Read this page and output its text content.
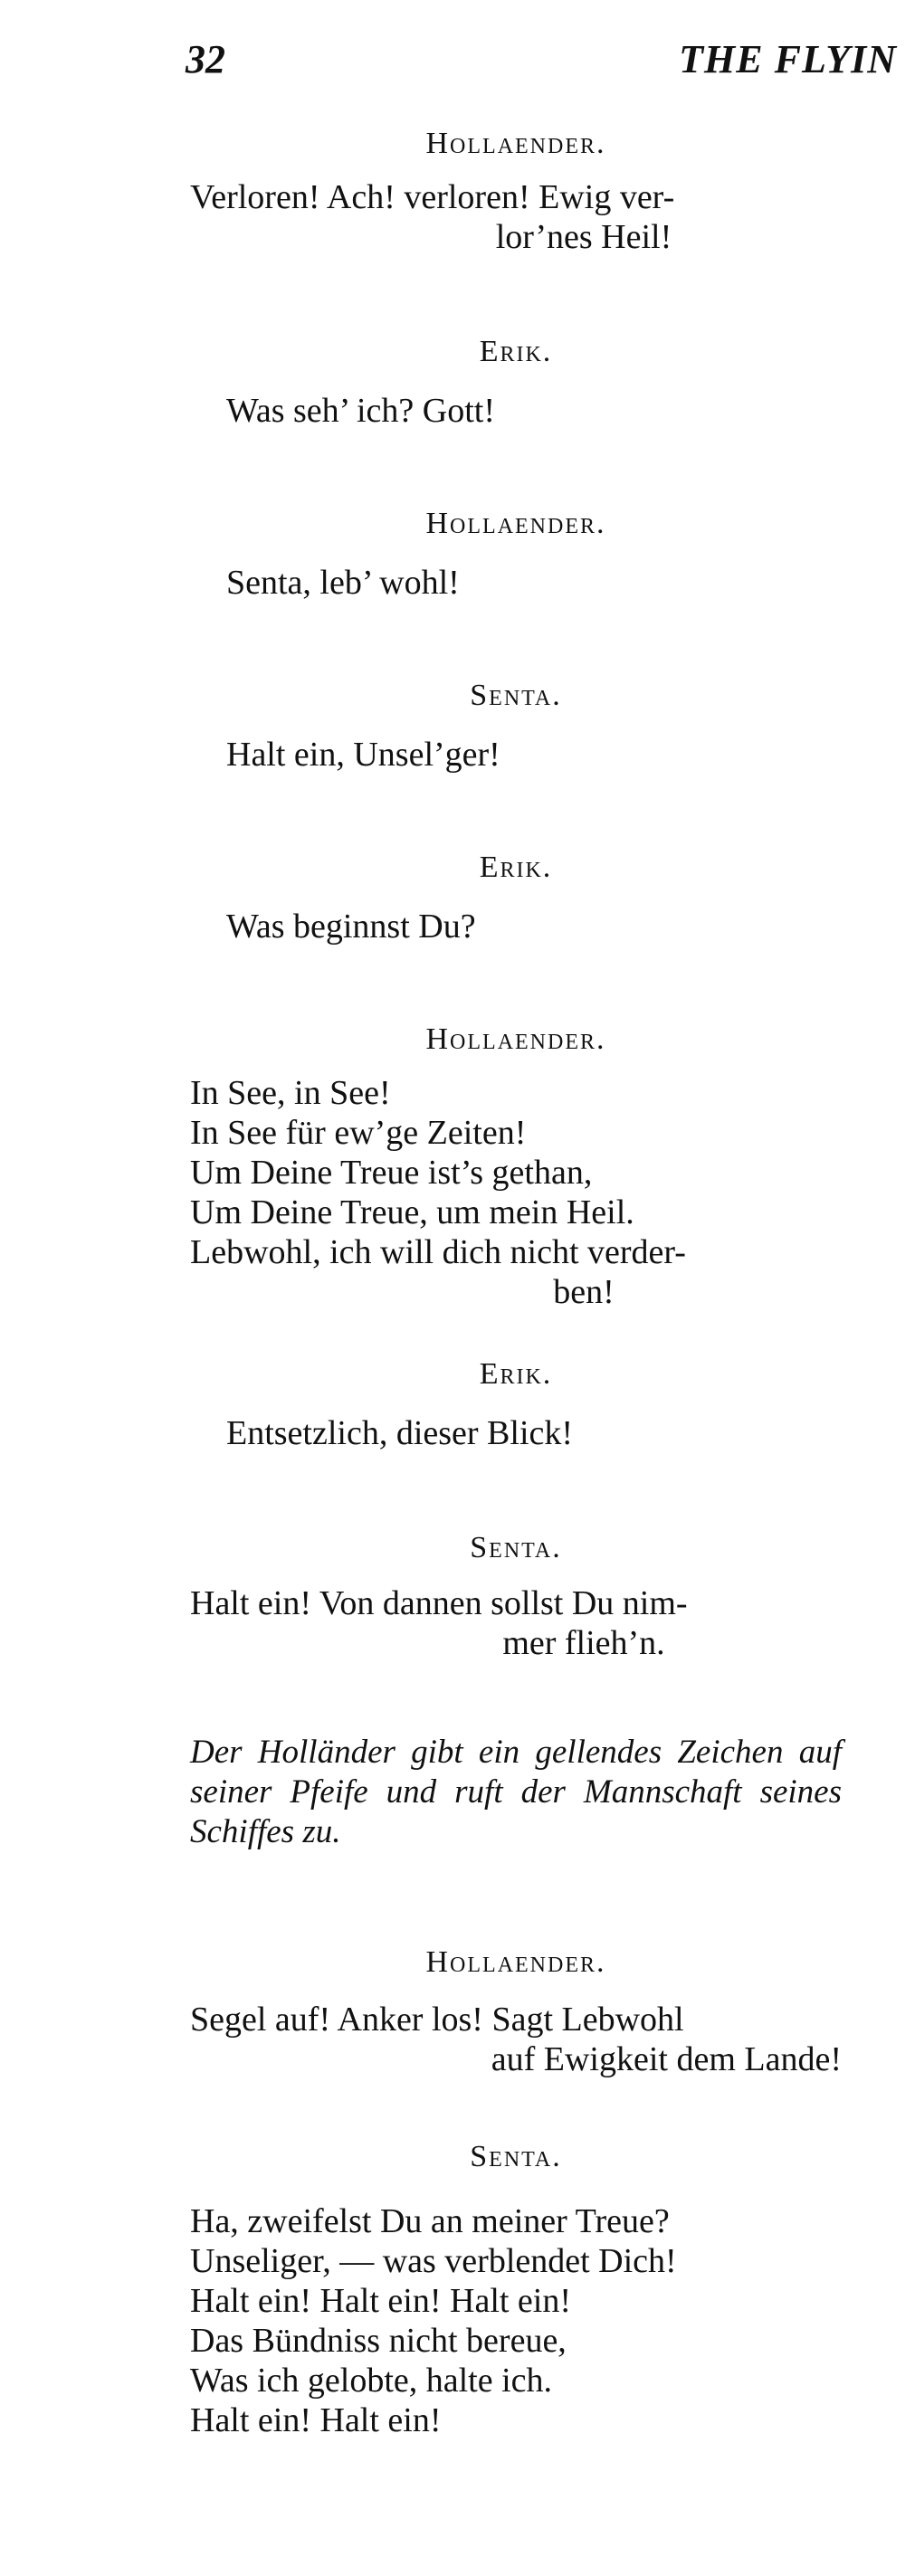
32	THE FLYIN

Hollaender.

Verloren! Ach! verloren! Ewig ver-
lor’nes Heil!

Erik.

Was seh’ ich? Gott!

Hollaender.

Senta, leb’ wohl!

Senta.

Halt ein, Unsel’ger!

Erik.

Was beginnst Du?

Hollaender.

In See, in See!
In See für ew’ge Zeiten!
Um Deine Treue ist’s gethan,
Um Deine Treue, um mein Heil.
Lebwohl, ich will dich nicht verder-
ben!

Erik.

Entsetzlich, dieser Blick!

Senta.

Halt ein! Von dannen sollst Du nim-
mer flieh’n.

Der Holländer gibt ein gellendes Zeichen auf seiner Pfeife und ruft der Mannschaft seines Schiffes zu.

Hollaender.

Segel auf! Anker los! Sagt Lebwohl
auf Ewigkeit dem Lande!

Senta.

Ha, zweifelst Du an meiner Treue?
Unseliger, — was verblendet Dich!
Halt ein! Halt ein! Halt ein!
Das Bündniss nicht bereue,
Was ich gelobte, halte ich.
Halt ein! Halt ein!
